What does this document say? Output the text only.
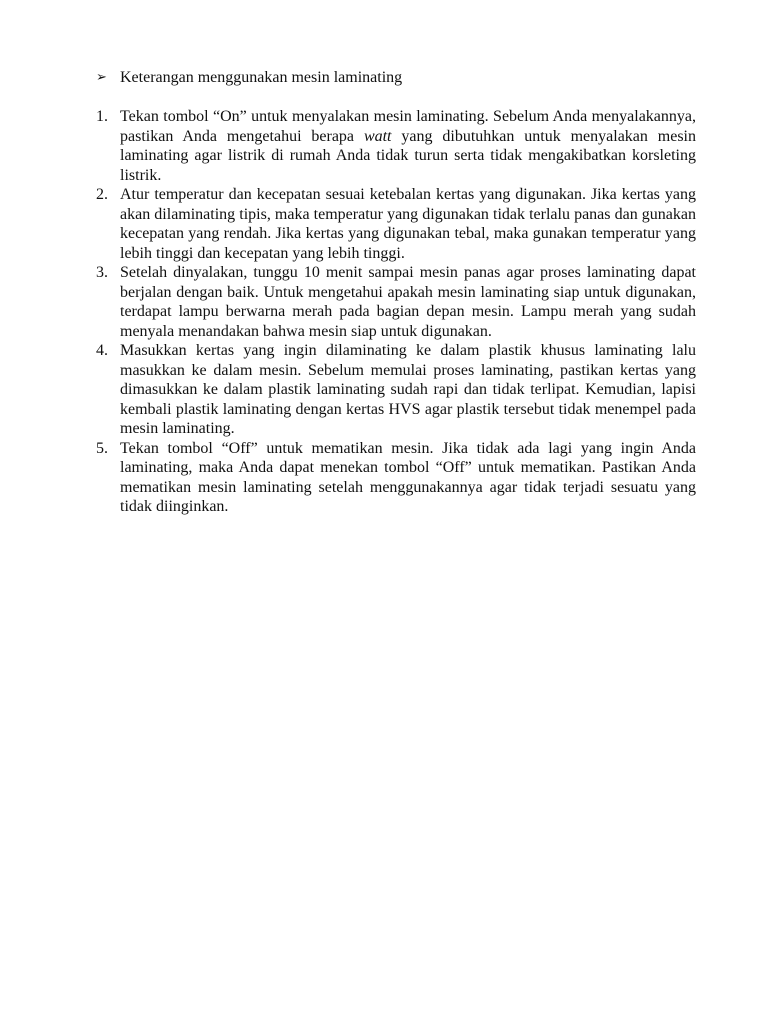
➢ Keterangan menggunakan mesin laminating
1. Tekan tombol “On” untuk menyalakan mesin laminating. Sebelum Anda menyalakannya, pastikan Anda mengetahui berapa watt yang dibutuhkan untuk menyalakan mesin laminating agar listrik di rumah Anda tidak turun serta tidak mengakibatkan korsleting listrik.
2. Atur temperatur dan kecepatan sesuai ketebalan kertas yang digunakan. Jika kertas yang akan dilaminating tipis, maka temperatur yang digunakan tidak terlalu panas dan gunakan kecepatan yang rendah. Jika kertas yang digunakan tebal, maka gunakan temperatur yang lebih tinggi dan kecepatan yang lebih tinggi.
3. Setelah dinyalakan, tunggu 10 menit sampai mesin panas agar proses laminating dapat berjalan dengan baik. Untuk mengetahui apakah mesin laminating siap untuk digunakan, terdapat lampu berwarna merah pada bagian depan mesin. Lampu merah yang sudah menyala menandakan bahwa mesin siap untuk digunakan.
4. Masukkan kertas yang ingin dilaminating ke dalam plastik khusus laminating lalu masukkan ke dalam mesin. Sebelum memulai proses laminating, pastikan kertas yang dimasukkan ke dalam plastik laminating sudah rapi dan tidak terlipat. Kemudian, lapisi kembali plastik laminating dengan kertas HVS agar plastik tersebut tidak menempel pada mesin laminating.
5. Tekan tombol “Off” untuk mematikan mesin. Jika tidak ada lagi yang ingin Anda laminating, maka Anda dapat menekan tombol “Off” untuk mematikan. Pastikan Anda mematikan mesin laminating setelah menggunakannya agar tidak terjadi sesuatu yang tidak diinginkan.
